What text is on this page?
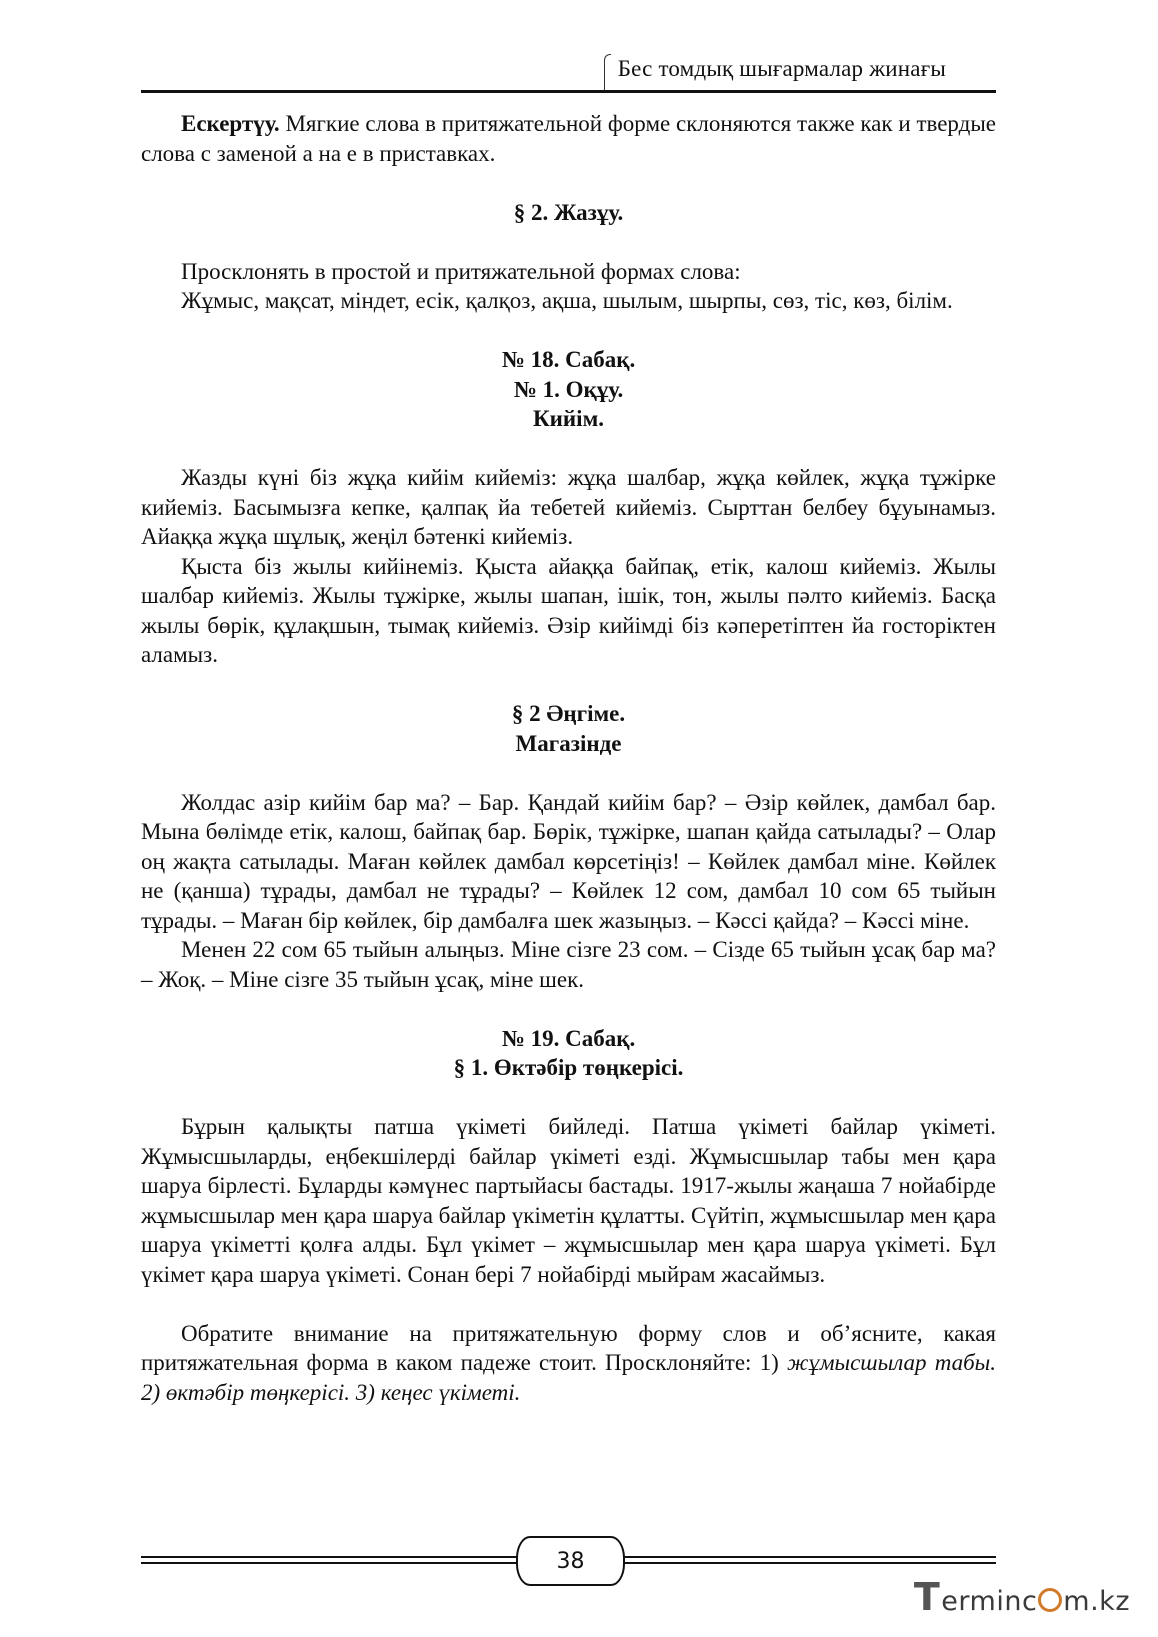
Бес томдық шығармалар жинағы

Ескертүу. Мягкие слова в притяжательной форме склоняются также как и твердые слова с заменой а на е в приставках.

§ 2. Жазұу.

Просклонять в простой и притяжательной формах слова:

Жұмыс, мақсат, міндет, есік, қалқоз, ақша, шылым, шырпы, сөз, тіс, көз, білім.

№ 18. Сабақ.

№ 1. Оқұу.

Кийім.

Жазды күні біз жұқа кийім кийеміз: жұқа шалбар, жұқа көйлек, жұқа тұжірке кийеміз. Басымызға кепке, қалпақ йа тебетей кийеміз. Сырттан белбеу бұуынамыз. Айаққа жұқа шұлық, жеңіл бәтенкі кийеміз.

Қыста біз жылы кийінеміз. Қыста айаққа байпақ, етік, калош кийеміз. Жылы шалбар кийеміз. Жылы тұжірке, жылы шапан, ішік, тон, жылы пәлто кийеміз. Басқа жылы бөрік, құлақшын, тымақ кийеміз. Әзір кийімді біз кәперетіптен йа госторіктен аламыз.

§ 2 Әңгіме.

Магазінде

Жолдас азір кийім бар ма? – Бар. Қандай кийім бар? – Әзір көйлек, дамбал бар. Мына бөлімде етік, калош, байпақ бар. Бөрік, тұжірке, шапан қайда сатылады? – Олар оң жақта сатылады. Маған көйлек дамбал көрсетіңіз! – Көйлек дамбал міне. Көйлек не (қанша) тұрады, дамбал не тұрады? – Көйлек 12 сом, дамбал 10 сом 65 тыйын тұрады. – Маған бір көйлек, бір дамбалға шек жазыңыз. – Кәссі қайда? – Кәссі міне.

Менен 22 сом 65 тыйын алыңыз. Міне сізге 23 сом. – Сізде 65 тыйын ұсақ бар ма? – Жоқ. – Міне сізге 35 тыйын ұсақ, міне шек.

№ 19. Сабақ.

§ 1. Өктәбір төңкерісі.

Бұрын қалықты патша үкіметі бийледі. Патша үкіметі байлар үкіметі. Жұмысшыларды, еңбекшілерді байлар үкіметі езді. Жұмысшылар табы мен қара шаруа бірлесті. Бұларды кәмүнес партыйасы бастады. 1917-жылы жаңаша 7 нойабірде жұмысшылар мен қара шаруа байлар үкіметін құлатты. Сүйтіп, жұмысшылар мен қара шаруа үкіметті қолға алды. Бұл үкімет – жұмысшылар мен қара шаруа үкіметі. Бұл үкімет қара шаруа үкіметі. Сонан бері 7 нойабірді мыйрам жасаймыз.

Обратите внимание на притяжательную форму слов и об’ясните, какая притяжательная форма в каком падеже стоит. Просклоняйте: 1) жұмысшылар табы. 2) өктәбір төңкерісі. 3) кеңес үкіметі.

38
T erminc m.kz
